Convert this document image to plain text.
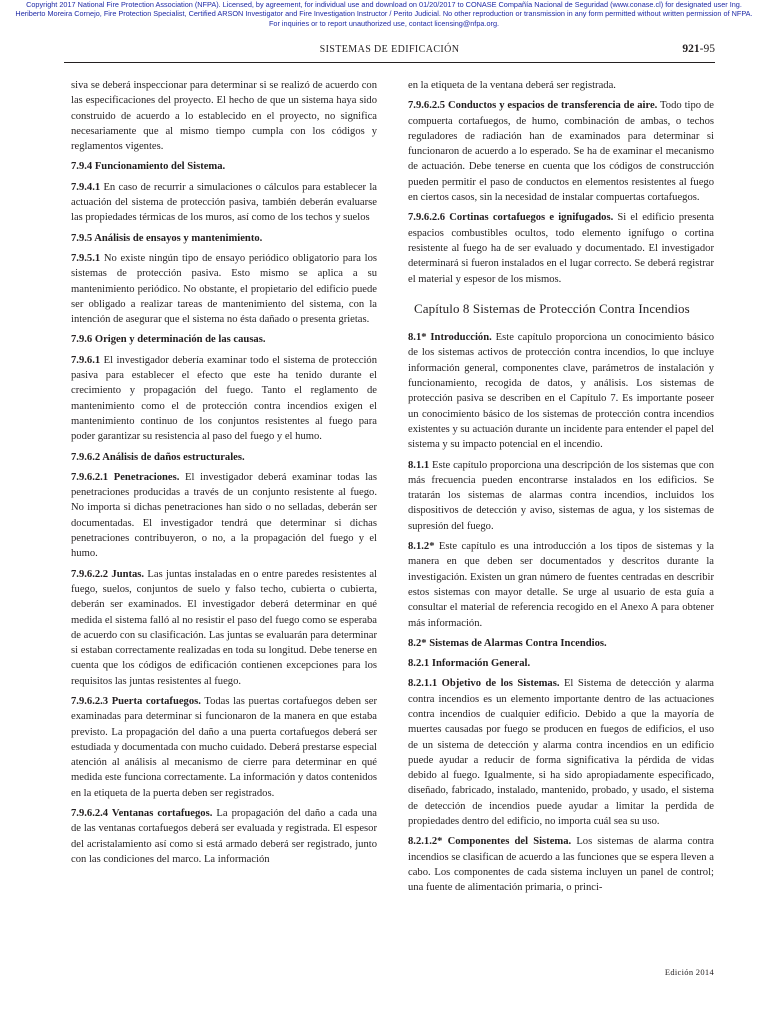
Copyright 2017 National Fire Protection Association (NFPA). Licensed, by agreement, for individual use and download on 01/20/2017 to CONASE Compañía Nacional de Seguridad (www.conase.cl) for designated user Ing.
Heriberto Moreira Cornejo, Fire Protection Specialist, Certified ARSON Investigator and Fire Investigation Instructor / Perito Judicial. No other reproduction or transmission in any form permitted without written permission of NFPA.
For inquiries or to report unauthorized use, contact licensing@nfpa.org.
SISTEMAS DE EDIFICACIÓN	921-95

siva se deberá inspeccionar para determinar si se realizó de acuerdo con las especificaciones del proyecto. El hecho de que un sistema haya sido construido de acuerdo a lo establecido en el proyecto, no significa necesariamente que al mismo tiempo cumpla con los códigos y reglamentos vigentes.

7.9.4 Funcionamiento del Sistema.

7.9.4.1 En caso de recurrir a simulaciones o cálculos para establecer la actuación del sistema de protección pasiva, también deberán evaluarse las propiedades térmicas de los muros, así como de los techos y suelos

7.9.5 Análisis de ensayos y mantenimiento.

7.9.5.1 No existe ningún tipo de ensayo periódico obligatorio para los sistemas de protección pasiva. Esto mismo se aplica a su mantenimiento periódico. No obstante, el propietario del edificio puede ser obligado a realizar tareas de mantenimiento del sistema, con la intención de asegurar que el sistema no ésta dañado o presenta grietas.

7.9.6 Origen y determinación de las causas.

7.9.6.1 El investigador debería examinar todo el sistema de protección pasiva para establecer el efecto que este ha tenido durante el crecimiento y propagación del fuego. Tanto el reglamento de mantenimiento como el de protección contra incendios exigen el mantenimiento continuo de los conjuntos resistentes al fuego para poder garantizar su resistencia al paso del fuego y el humo.

7.9.6.2 Análisis de daños estructurales.

7.9.6.2.1 Penetraciones. El investigador deberá examinar todas las penetraciones producidas a través de un conjunto resistente al fuego. No importa si dichas penetraciones han sido o no selladas, deberán ser documentadas. El investigador tendrá que determinar si dichas penetraciones contribuyeron, o no, a la propagación del fuego y el humo.

7.9.6.2.2 Juntas. Las juntas instaladas en o entre paredes resistentes al fuego, suelos, conjuntos de suelo y falso techo, cubierta o cubierta, deberán ser examinados. El investigador deberá determinar en qué medida el sistema falló al no resistir el paso del fuego como se esperaba de acuerdo con su clasificación. Las juntas se evaluarán para determinar si estaban correctamente realizadas en toda su longitud. Debe tenerse en cuenta que los códigos de edificación contienen excepciones para los requisitos las juntas resistentes al fuego.

7.9.6.2.3 Puerta cortafuegos. Todas las puertas cortafuegos deben ser examinadas para determinar si funcionaron de la manera en que estaba previsto. La propagación del daño a una puerta cortafuegos deberá ser estudiada y documentada con mucho cuidado. Deberá prestarse especial atención al análisis al mecanismo de cierre para determinar en qué medida este funciona correctamente. La información y datos contenidos en la etiqueta de la puerta deben ser registrados.

7.9.6.2.4 Ventanas cortafuegos. La propagación del daño a cada una de las ventanas cortafuegos deberá ser evaluada y registrada. El espesor del acristalamiento así como si está armado deberá ser registrado, junto con las condiciones del marco. La información

en la etiqueta de la ventana deberá ser registrada.

7.9.6.2.5 Conductos y espacios de transferencia de aire. Todo tipo de compuerta cortafuegos, de humo, combinación de ambas, o techos reguladores de radiación han de examinados para determinar si funcionaron de acuerdo a lo esperado. Se ha de examinar el mecanismo de actuación. Debe tenerse en cuenta que los códigos de construcción pueden permitir el paso de conductos en elementos resistentes al fuego en ciertos casos, sin la necesidad de instalar compuertas cortafuegos.

7.9.6.2.6 Cortinas cortafuegos e ignifugados. Si el edificio presenta espacios combustibles ocultos, todo elemento ignífugo o cortina resistente al fuego ha de ser evaluado y documentado. El investigador determinará si fueron instalados en el lugar correcto. Se deberá registrar el material y espesor de los mismos.

Capítulo 8 Sistemas de Protección Contra Incendios

8.1* Introducción. Este capítulo proporciona un conocimiento básico de los sistemas activos de protección contra incendios, lo que incluye información general, componentes clave, parámetros de instalación y funcionamiento, recogida de datos, y análisis. Los sistemas de protección pasiva se describen en el Capítulo 7. Es importante poseer un conocimiento básico de los sistemas de protección contra incendios existentes y su actuación durante un incidente para entender el papel del sistema y su impacto potencial en el incendio.

8.1.1 Este capítulo proporciona una descripción de los sistemas que con más frecuencia pueden encontrarse instalados en los edificios. Se tratarán los sistemas de alarmas contra incendios, incluidos los dispositivos de detección y aviso, sistemas de agua, y los sistemas de supresión del fuego.

8.1.2* Este capítulo es una introducción a los tipos de sistemas y la manera en que deben ser documentados y descritos durante la investigación. Existen un gran número de fuentes centradas en describir estos sistemas con mayor detalle. Se urge al usuario de esta guía a consultar el material de referencia recogido en el Anexo A para obtener más información.

8.2* Sistemas de Alarmas Contra Incendios.

8.2.1 Información General.

8.2.1.1 Objetivo de los Sistemas. El Sistema de detección y alarma contra incendios es un elemento importante dentro de las actuaciones contra incendios de cualquier edificio. Debido a que la mayoría de muertes causadas por fuego se producen en fuegos de edificios, el uso de un sistema de detección y alarma contra incendios en un edificio puede ayudar a reducir de forma significativa la pérdida de vidas debido al fuego. Igualmente, si ha sido apropiadamente especificado, diseñado, fabricado, instalado, mantenido, probado, y usado, el sistema de detección de incendios puede ayudar a limitar la perdida de propiedades dentro del edificio, no importa cuál sea su uso.

8.2.1.2* Componentes del Sistema. Los sistemas de alarma contra incendios se clasifican de acuerdo a las funciones que se espera lleven a cabo. Los componentes de cada sistema incluyen un panel de control; una fuente de alimentación primaria, o princi-

Edición 2014
